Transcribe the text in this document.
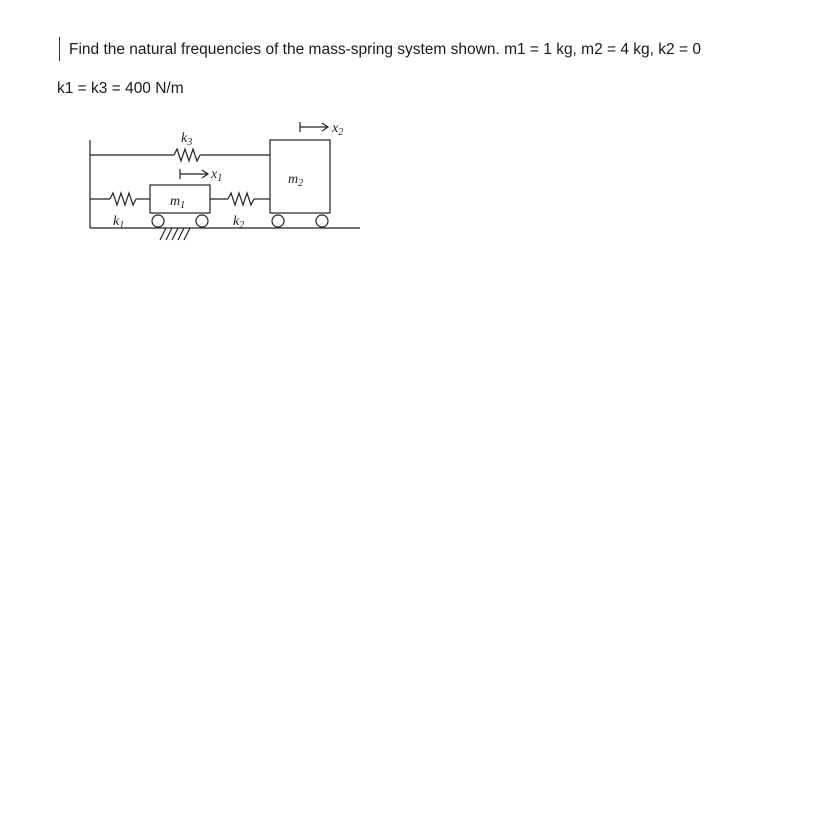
Find the natural frequencies of the mass-spring system shown. m1 = 1 kg, m2 = 4 kg, k2 = 0
k1 = k3 = 400 N/m
$k_3$
$k_1$	$k_2$
$m_1$
$m_2$
$x_1$
$x_2$
